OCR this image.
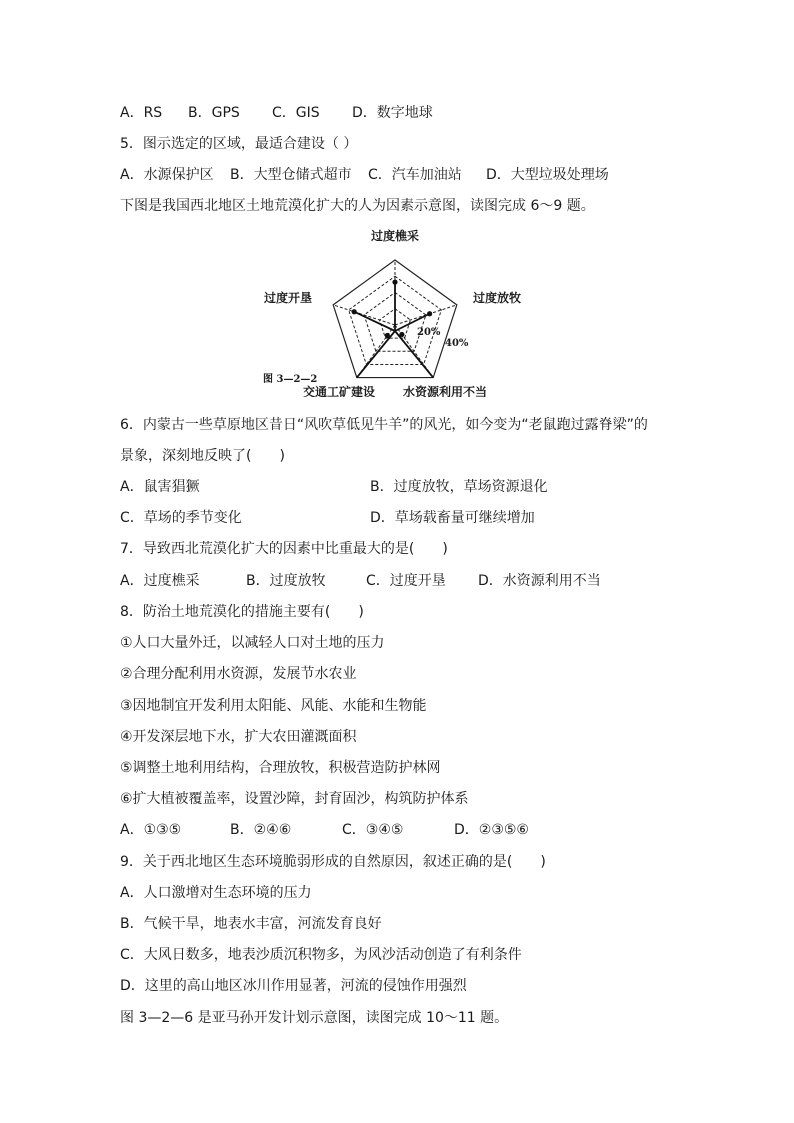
A．RS B．GPS C．GIS D．数字地球
5．图示选定的区域，最适合建设（ ）
A．水源保护区 B．大型仓储式超市 C．汽车加油站 D．大型垃圾处理场
下图是我国西北地区土地荒漠化扩大的人为因素示意图，读图完成 6～9 题。
过度樵采
过度放牧
水资源利用不当
交通工矿建设
过度开垦
20%
40%
图 3—2—2
6．内蒙古一些草原地区昔日“风吹草低见牛羊”的风光，如今变为“老鼠跑过露脊梁”的
景象，深刻地反映了(　　)
A．鼠害猖獗	B．过度放牧，草场资源退化
C．草场的季节变化	D．草场载畜量可继续增加
7．导致西北荒漠化扩大的因素中比重最大的是(　　)
A．过度樵采	B．过度放牧	C．过度开垦 D．水资源利用不当
8．防治土地荒漠化的措施主要有(　　)
①人口大量外迁，以减轻人口对土地的压力
②合理分配利用水资源，发展节水农业
③因地制宜开发利用太阳能、风能、水能和生物能
④开发深层地下水，扩大农田灌溉面积
⑤调整土地利用结构，合理放牧，积极营造防护林网
⑥扩大植被覆盖率，设置沙障，封育固沙，构筑防护体系
A．①③⑤	B．②④⑥	C．③④⑤	D．②③⑤⑥
9．关于西北地区生态环境脆弱形成的自然原因，叙述正确的是(　　)
A．人口激增对生态环境的压力
B．气候干旱，地表水丰富，河流发育良好
C．大风日数多，地表沙质沉积物多，为风沙活动创造了有利条件
D．这里的高山地区冰川作用显著，河流的侵蚀作用强烈
图 3—2—6 是亚马孙开发计划示意图，读图完成 10～11 题。
